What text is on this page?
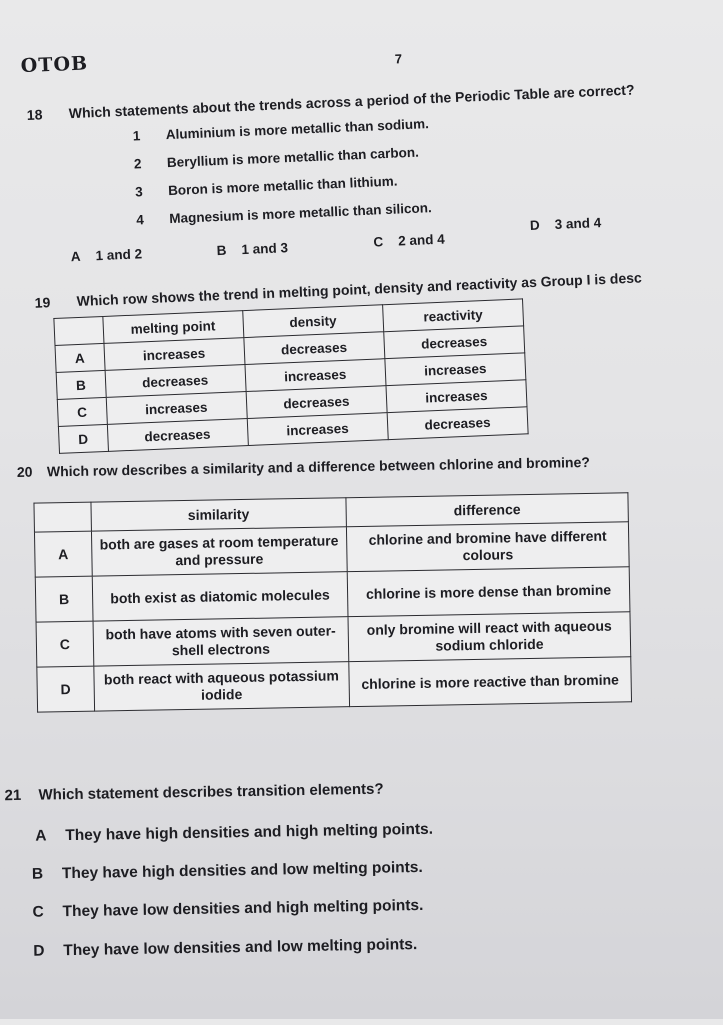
OTOB	7
18 Which statements about the trends across a period of the Periodic Table are correct?
1 Aluminium is more metallic than sodium.
2 Beryllium is more metallic than carbon.
3 Boron is more metallic than lithium.
4 Magnesium is more metallic than silicon.
A 1 and 2	B 1 and 3	C 2 and 4
D 3 and 4
19 Which row shows the trend in melting point, density and reactivity as Group I is desc
	melting point	density	reactivity
A	increases	decreases	decreases
B	decreases	increases	increases
C	increases	decreases	increases
D	decreases	increases	decreases
20 Which row describes a similarity and a difference between chlorine and bromine?
	similarity	difference
A	both are gases at room temperature and pressure	chlorine and bromine have different colours
B	both exist as diatomic molecules	chlorine is more dense than bromine
C	both have atoms with seven outer-shell electrons	only bromine will react with aqueous sodium chloride
D	both react with aqueous potassium iodide	chlorine is more reactive than bromine
21 Which statement describes transition elements?
A They have high densities and high melting points.
B They have high densities and low melting points.
C They have low densities and high melting points.
D They have low densities and low melting points.
